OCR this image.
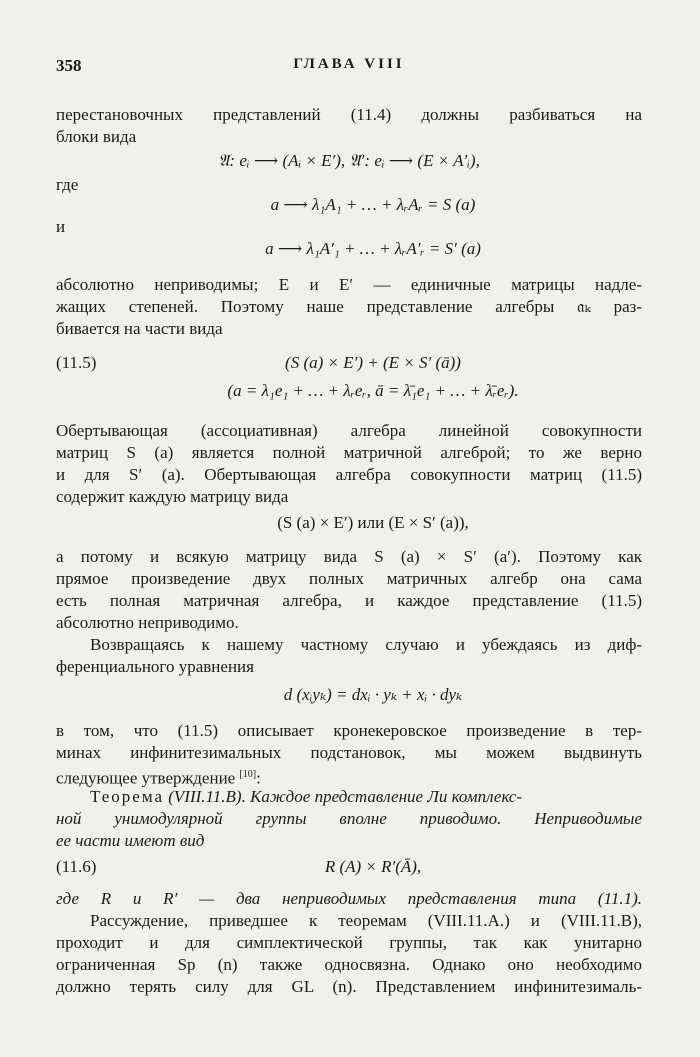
358	ГЛАВА VIII
перестановочных представлений (11.4) должны разбиваться на
блоки вида
𝔄: eᵢ ⟶ (Aᵢ × E′), 𝔄′: eᵢ ⟶ (E × A′ᵢ),
где
a ⟶ λ₁A₁ + … + λᵣAᵣ = S (a)
и
a ⟶ λ₁A′₁ + … + λᵣA′ᵣ = S′ (a)
абсолютно неприводимы; E и E′ — единичные матрицы надле-
жащих степеней. Поэтому наше представление алгебры 𝔞ₖ раз-
бивается на части вида
(11.5)	(S (a) × E′) + (E × S′ (ā))
(a = λ₁e₁ + … + λᵣeᵣ, ā = λ̄₁e₁ + … + λ̄ᵣeᵣ).
Обертывающая (ассоциативная) алгебра линейной совокупности
матриц S (a) является полной матричной алгеброй; то же верно
и для S′ (a). Обертывающая алгебра совокупности матриц (11.5)
содержит каждую матрицу вида
(S (a) × E′) или (E × S′ (a)),
а потому и всякую матрицу вида S (a) × S′ (a′). Поэтому как
прямое произведение двух полных матричных алгебр она сама
есть полная матричная алгебра, и каждое представление (11.5)
абсолютно неприводимо.
Возвращаясь к нашему частному случаю и убеждаясь из диф-
ференциального уравнения
d (xᵢyₖ) = dxᵢ · yₖ + xᵢ · dyₖ
в том, что (11.5) описывает кронекеровское произведение в тер-
минах инфинитезимальных подстановок, мы можем выдвинуть
следующее утверждение [10]:
Теорема (VIII.11.B). Каждое представление Ли комплекс-
ной унимодулярной группы вполне приводимо. Неприводимые
ее части имеют вид
(11.6)	R (A) × R′(Ā),
где R и R′ — два неприводимых представления типа (11.1).
Рассуждение, приведшее к теоремам (VIII.11.A.) и (VIII.11.B),
проходит и для симплектической группы, так как унитарно
ограниченная Sp (n) также односвязна. Однако оно необходимо
должно терять силу для GL (n). Представлением инфинитезималь-
